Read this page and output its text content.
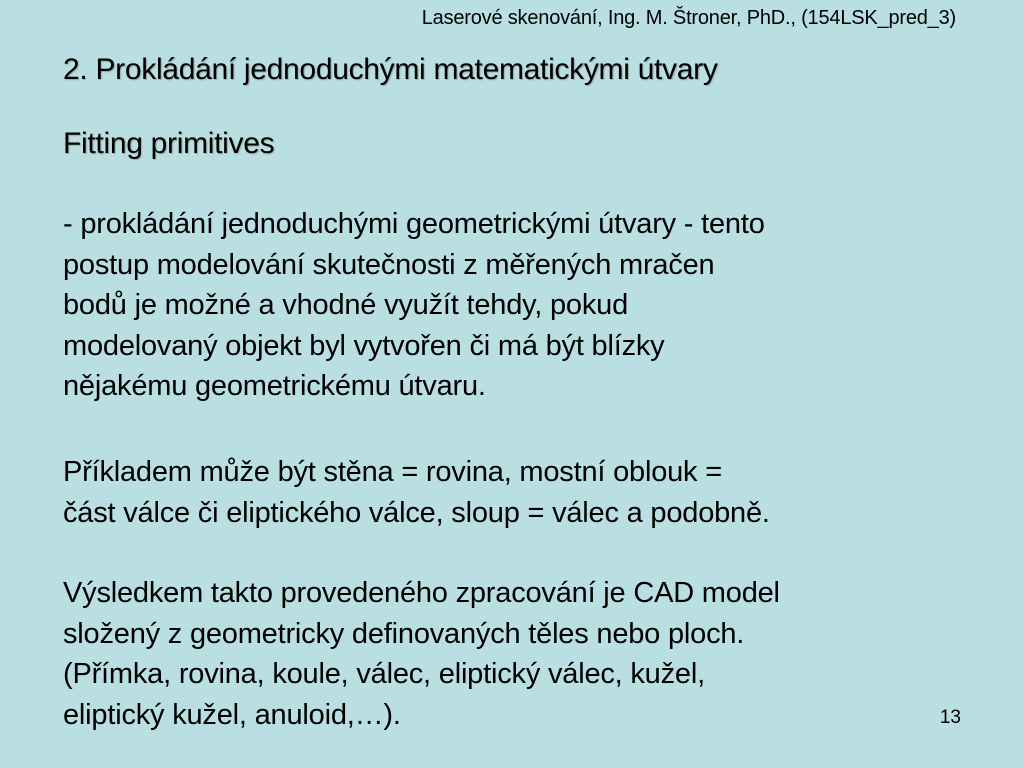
Laserové skenování, Ing. M. Štroner, PhD., (154LSK_pred_3)
2. Prokládání jednoduchými matematickými útvary
Fitting primitives
- prokládání jednoduchými geometrickými útvary - tento
postup modelování skutečnosti z měřených mračen
bodů je možné a vhodné využít tehdy, pokud
modelovaný objekt byl vytvořen či má být blízky
nějakému geometrickému útvaru.
Příkladem může být stěna = rovina, mostní oblouk =
část válce či eliptického válce, sloup = válec a podobně.
Výsledkem takto provedeného zpracování je CAD model
složený z geometricky definovaných těles nebo ploch.
(Přímka, rovina, koule, válec, eliptický válec, kužel,
eliptický kužel, anuloid,…).	13
